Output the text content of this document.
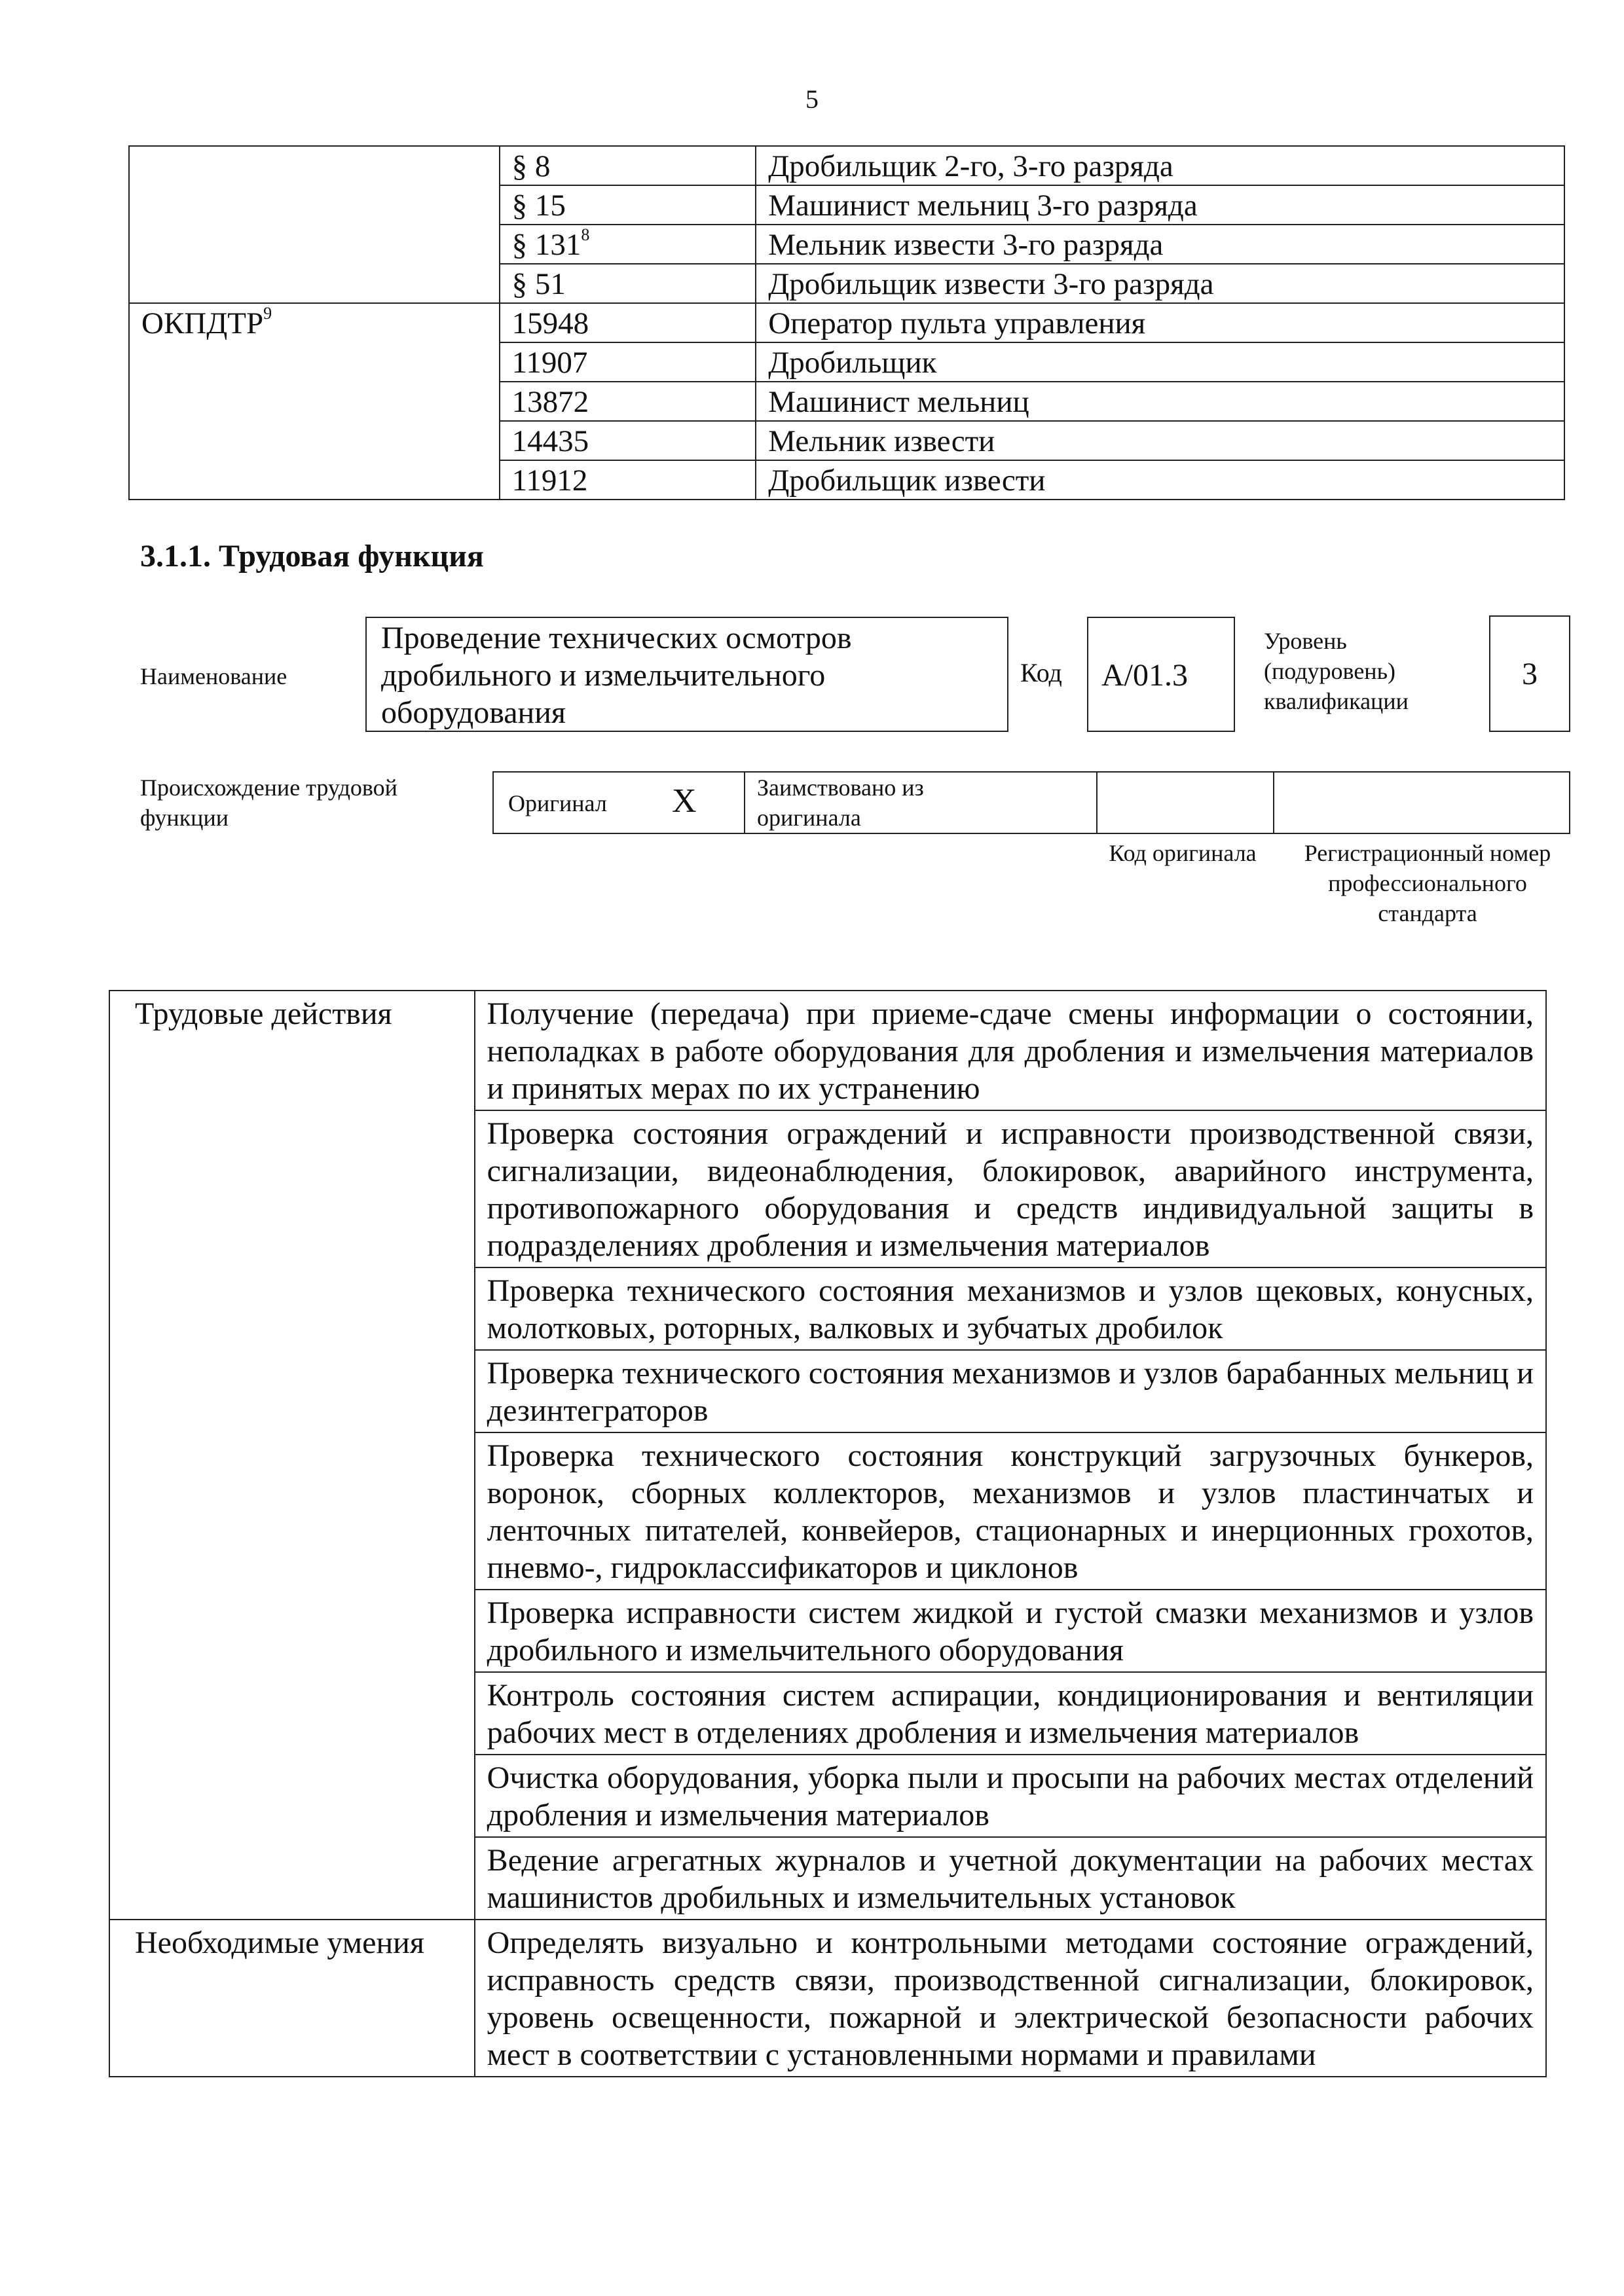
5
	§ 8	Дробильщик 2-го, 3-го разряда
	§ 15	Машинист мельниц 3-го разряда
	§ $131^8$	Мельник извести 3-го разряда
	§ 51	Дробильщик извести 3-го разряда
ОКПДТР$^9$	15948	Оператор пульта управления
	11907	Дробильщик
	13872	Машинист мельниц
	14435	Мельник извести
	11912	Дробильщик извести
3.1.1. Трудовая функция
Наименование
Проведение технических осмотров дробильного и измельчительного оборудования
Код А/01.3
Уровень (подуровень) квалификации
3
Происхождение трудовой функции
Оригинал X	Заимствовано из оригинала
Код оригинала	Регистрационный номер профессионального стандарта
Трудовые действия	Получение (передача) при приеме-сдаче смены информации о состоянии, неполадках в работе оборудования для дробления и измельчения материалов и принятых мерах по их устранению
	Проверка состояния ограждений и исправности производственной связи, сигнализации, видеонаблюдения, блокировок, аварийного инструмента, противопожарного оборудования и средств индивидуальной защиты в подразделениях дробления и измельчения материалов
	Проверка технического состояния механизмов и узлов щековых, конусных, молотковых, роторных, валковых и зубчатых дробилок
	Проверка технического состояния механизмов и узлов барабанных мельниц и дезинтеграторов
	Проверка технического состояния конструкций загрузочных бункеров, воронок, сборных коллекторов, механизмов и узлов пластинчатых и ленточных питателей, конвейеров, стационарных и инерционных грохотов, пневмо-, гидроклассификаторов и циклонов
	Проверка исправности систем жидкой и густой смазки механизмов и узлов дробильного и измельчительного оборудования
	Контроль состояния систем аспирации, кондиционирования и вентиляции рабочих мест в отделениях дробления и измельчения материалов
	Очистка оборудования, уборка пыли и просыпи на рабочих местах отделений дробления и измельчения материалов
	Ведение агрегатных журналов и учетной документации на рабочих местах машинистов дробильных и измельчительных установок
Необходимые умения	Определять визуально и контрольными методами состояние ограждений, исправность средств связи, производственной сигнализации, блокировок, уровень освещенности, пожарной и электрической безопасности рабочих мест в соответствии с установленными нормами и правилами
